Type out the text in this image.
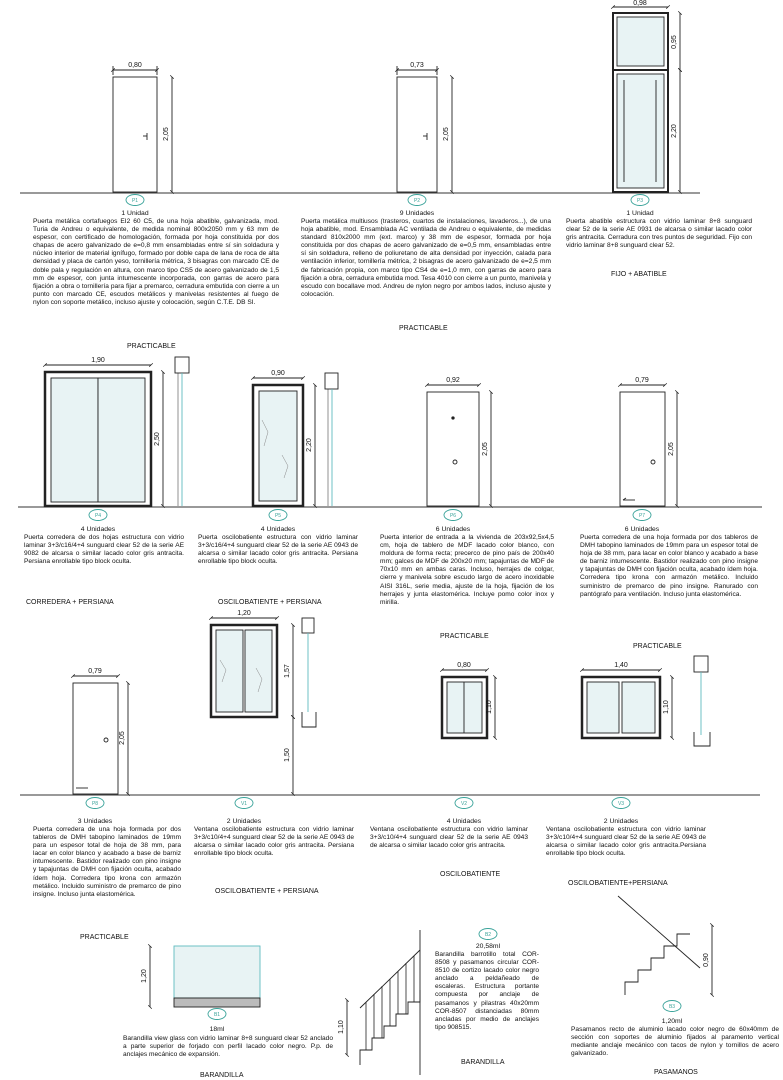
P1	P2	P3
P4	P5	P6	P7
P8	V1	V2	V3
B1
B2
B3
0,80
2,05
0,73
2,05
0,98
0,95
2,20
1,90
2,50
0,90
2,20
0,92
2,05
0,79
2,05
0,79
2,05
1,20
1,57
1,50
0,80
1,10
1,40
1,10
1,20
1,10
0,90
1 Unidad
Puerta metálica cortafuegos EI2 60 C5, de una hoja abatible, galvanizada, mod. Turia de Andreu o equivalente, de medida nominal 800x2050 mm y 63 mm de espesor, con certificado de homologación, formada por hoja constituida por dos chapas de acero galvanizado de e=0,8 mm ensambladas entre sí sin soldadura y núcleo interior de material ignífugo, formado por doble capa de lana de roca de alta densidad y placa de cartón yeso, tornillería métrica, 3 bisagras con marcado CE de doble pala y regulación en altura, con marco tipo CS5 de acero galvanizado de 1,5 mm de espesor, con junta intumescente incorporada, con garras de acero para fijación a obra o tornillería para fijar a premarco, cerradura embutida con cierre a un punto con marcado CE, escudos metálicos y manivelas resistentes al fuego de nylon con soporte metálico, incluso ajuste y colocación, según C.T.E. DB SI.
PRACTICABLE
9 Unidades
Puerta metálica multiusos (trasteros, cuartos de instalaciones, lavaderos...), de una hoja abatible, mod. Ensamblada AC ventilada de Andreu o equivalente, de medidas standard 810x2000 mm (ext. marco) y 38 mm de espesor, formada por hoja constituida por dos chapas de acero galvanizado de e=0,5 mm, ensambladas entre sí sin soldadura, relleno de poliuretano de alta densidad por inyección, calada para ventilación inferior, tornillería métrica, 2 bisagras de acero galvanizado de e=2,5 mm de fabricación propia, con marco tipo CS4 de e=1,0 mm, con garras de acero para fijación a obra, cerradura embutida mod. Tesa 4010 con cierre a un punto, manivela y escudo con bocallave mod. Andreu de nylon negro por ambos lados, incluso ajuste y colocación.
PRACTICABLE
1 Unidad
Puerta abatible estructura con vidrio laminar 8+8 sunguard clear 52 de la serie AE 0931 de alcarsa o similar lacado color gris antracita. Cerradura con tres puntos de seguridad. Fijo con vidrio laminar 8+8 sunguard clear 52.
FIJO + ABATIBLE
4 Unidades
Puerta corredera de dos hojas estructura con vidrio laminar 3+3/c16/4+4 sunguard clear 52 de la serie AE 9082 de alcarsa o similar lacado color gris antracita. Persiana enrollable tipo block oculta.
CORREDERA + PERSIANA
4 Unidades
Puerta oscilobatiente estructura con vidrio laminar 3+3/c16/4+4 sunguard clear 52 de la serie AE 0943 de alcarsa o similar lacado color gris antracita. Persiana enrollable tipo block oculta.
OSCILOBATIENTE + PERSIANA
6 Unidades
Puerta interior de entrada a la vivienda de 203x92,5x4,5 cm, hoja de tablero de MDF lacado color blanco, con moldura de forma recta; precerco de pino país de 200x40 mm; galces de MDF de 200x20 mm; tapajuntas de MDF de 70x10 mm en ambas caras. Incluso, herrajes de colgar, cierre y manivela sobre escudo largo de acero inoxidable AISI 316L, serie media, ajuste de la hoja, fijación de los herrajes y junta elastomérica. Incluye pomo color inox y mirilla.
PRACTICABLE
6 Unidades
Puerta corredera de una hoja formada por dos tableros de DMH tabopino laminados de 19mm para un espesor total de hoja de 38 mm, para lacar en color blanco y acabado a base de barniz intumescente. Bastidor realizado con pino insigne y tapajuntas de DMH con fijación oculta, acabado ídem hoja. Corredera tipo krona con armazón metálico. Incluido suministro de premarco de pino insigne. Ranurado con pantógrafo para ventilación. Incluso junta elastomérica.
PRACTICABLE
3 Unidades
Puerta corredera de una hoja formada por dos tableros de DMH tabopino laminados de 19mm para un espesor total de hoja de 38 mm, para lacar en color blanco y acabado a base de barniz intumescente. Bastidor realizado con pino insigne y tapajuntas de DMH con fijación oculta, acabado ídem hoja. Corredera tipo krona con armazón metálico. Incluido suministro de premarco de pino insigne. Incluso junta elastomérica.
PRACTICABLE
2 Unidades
Ventana oscilobatiente estructura con vidrio laminar 3+3/c10/4+4 sunguard clear 52 de la serie AE 0943 de alcarsa o similar lacado color gris antracita. Persiana enrollable tipo block oculta.
OSCILOBATIENTE + PERSIANA
4 Unidades
Ventana oscilobatiente estructura con vidrio laminar 3+3/c10/4+4 sunguard clear 52 de la serie AE 0943 de alcarsa o similar lacado color gris antracita.
OSCILOBATIENTE
2 Unidades
Ventana oscilobatiente estructura con vidrio laminar 3+3/c10/4+4 sunguard clear 52 de la serie AE 0943 de alcarsa o similar lacado color gris antracita.Persiana enrollable tipo block oculta.
OSCILOBATIENTE+PERSIANA
18ml
Barandilla view glass con vidrio laminar 8+8 sunguard clear 52 anclado a parte superior de forjado con perfil lacado color negro. P.p. de anclajes mecánico de expansión.
BARANDILLA
20,58ml
Barandilla barrotillo total COR-8508 y pasamanos circular COR-8510 de cortizo lacado color negro anclado a peldañeado de escaleras. Estructura portante compuesta por anclaje de pasamanos y pilastras 40x20mm COR-8507 distanciadas 80mm ancladas por medio de anclajes tipo 908515.
BARANDILLA
1,20ml
Pasamanos recto de aluminio lacado color negro de 60x40mm de sección con soportes de aluminio fijados al paramento vertical mediante anclaje mecánico con tacos de nylon y tornillos de acero galvanizado.
PASAMANOS
